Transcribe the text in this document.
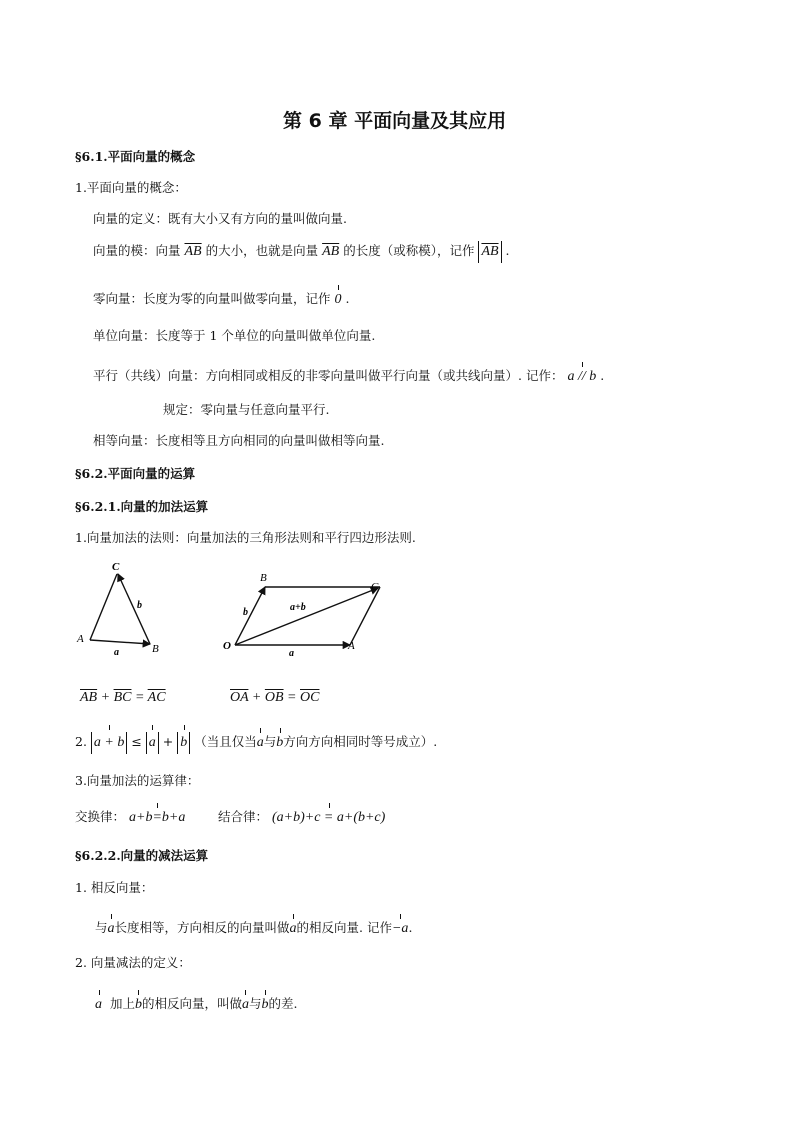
第 6 章 平面向量及其应用
§6.1.平面向量的概念
1.平面向量的概念：
向量的定义：既有大小又有方向的量叫做向量.
向量的模：向量 $\overline{AB}$ 的大小，也就是向量 $\overline{AB}$ 的长度（或称模），记作 $\overline{AB}$ .
零向量：长度为零的向量叫做零向量，记作 0 .
单位向量：长度等于 1 个单位的向量叫做单位向量.
平行（共线）向量：方向相同或相反的非零向量叫做平行向量（或共线向量）. 记作： a // b .
规定：零向量与任意向量平行.
相等向量：长度相等且方向相同的向量叫做相等向量.
§6.2.平面向量的运算
§6.2.1.向量的加法运算
1.向量加法的法则：向量加法的三角形法则和平行四边形法则.
C
A
B
a
b
B
C
O	A
a
b	a+b
$\overline{AB} + \overline{BC} = \overline{AC}$	$\overline{OA} + \overline{OB} = \overline{OC}$
2. a + b ≤ a + b （当且仅当a与b方向方向相同时等号成立）.
3.向量加法的运算律：
交换律： a+b=b+a	结合律： (a+b)+c = a+(b+c)
§6.2.2.向量的减法运算
1. 相反向量：
与a长度相等，方向相反的向量叫做a的相反向量. 记作−a.
2. 向量减法的定义：
a 加上b的相反向量，叫做a与b的差.
